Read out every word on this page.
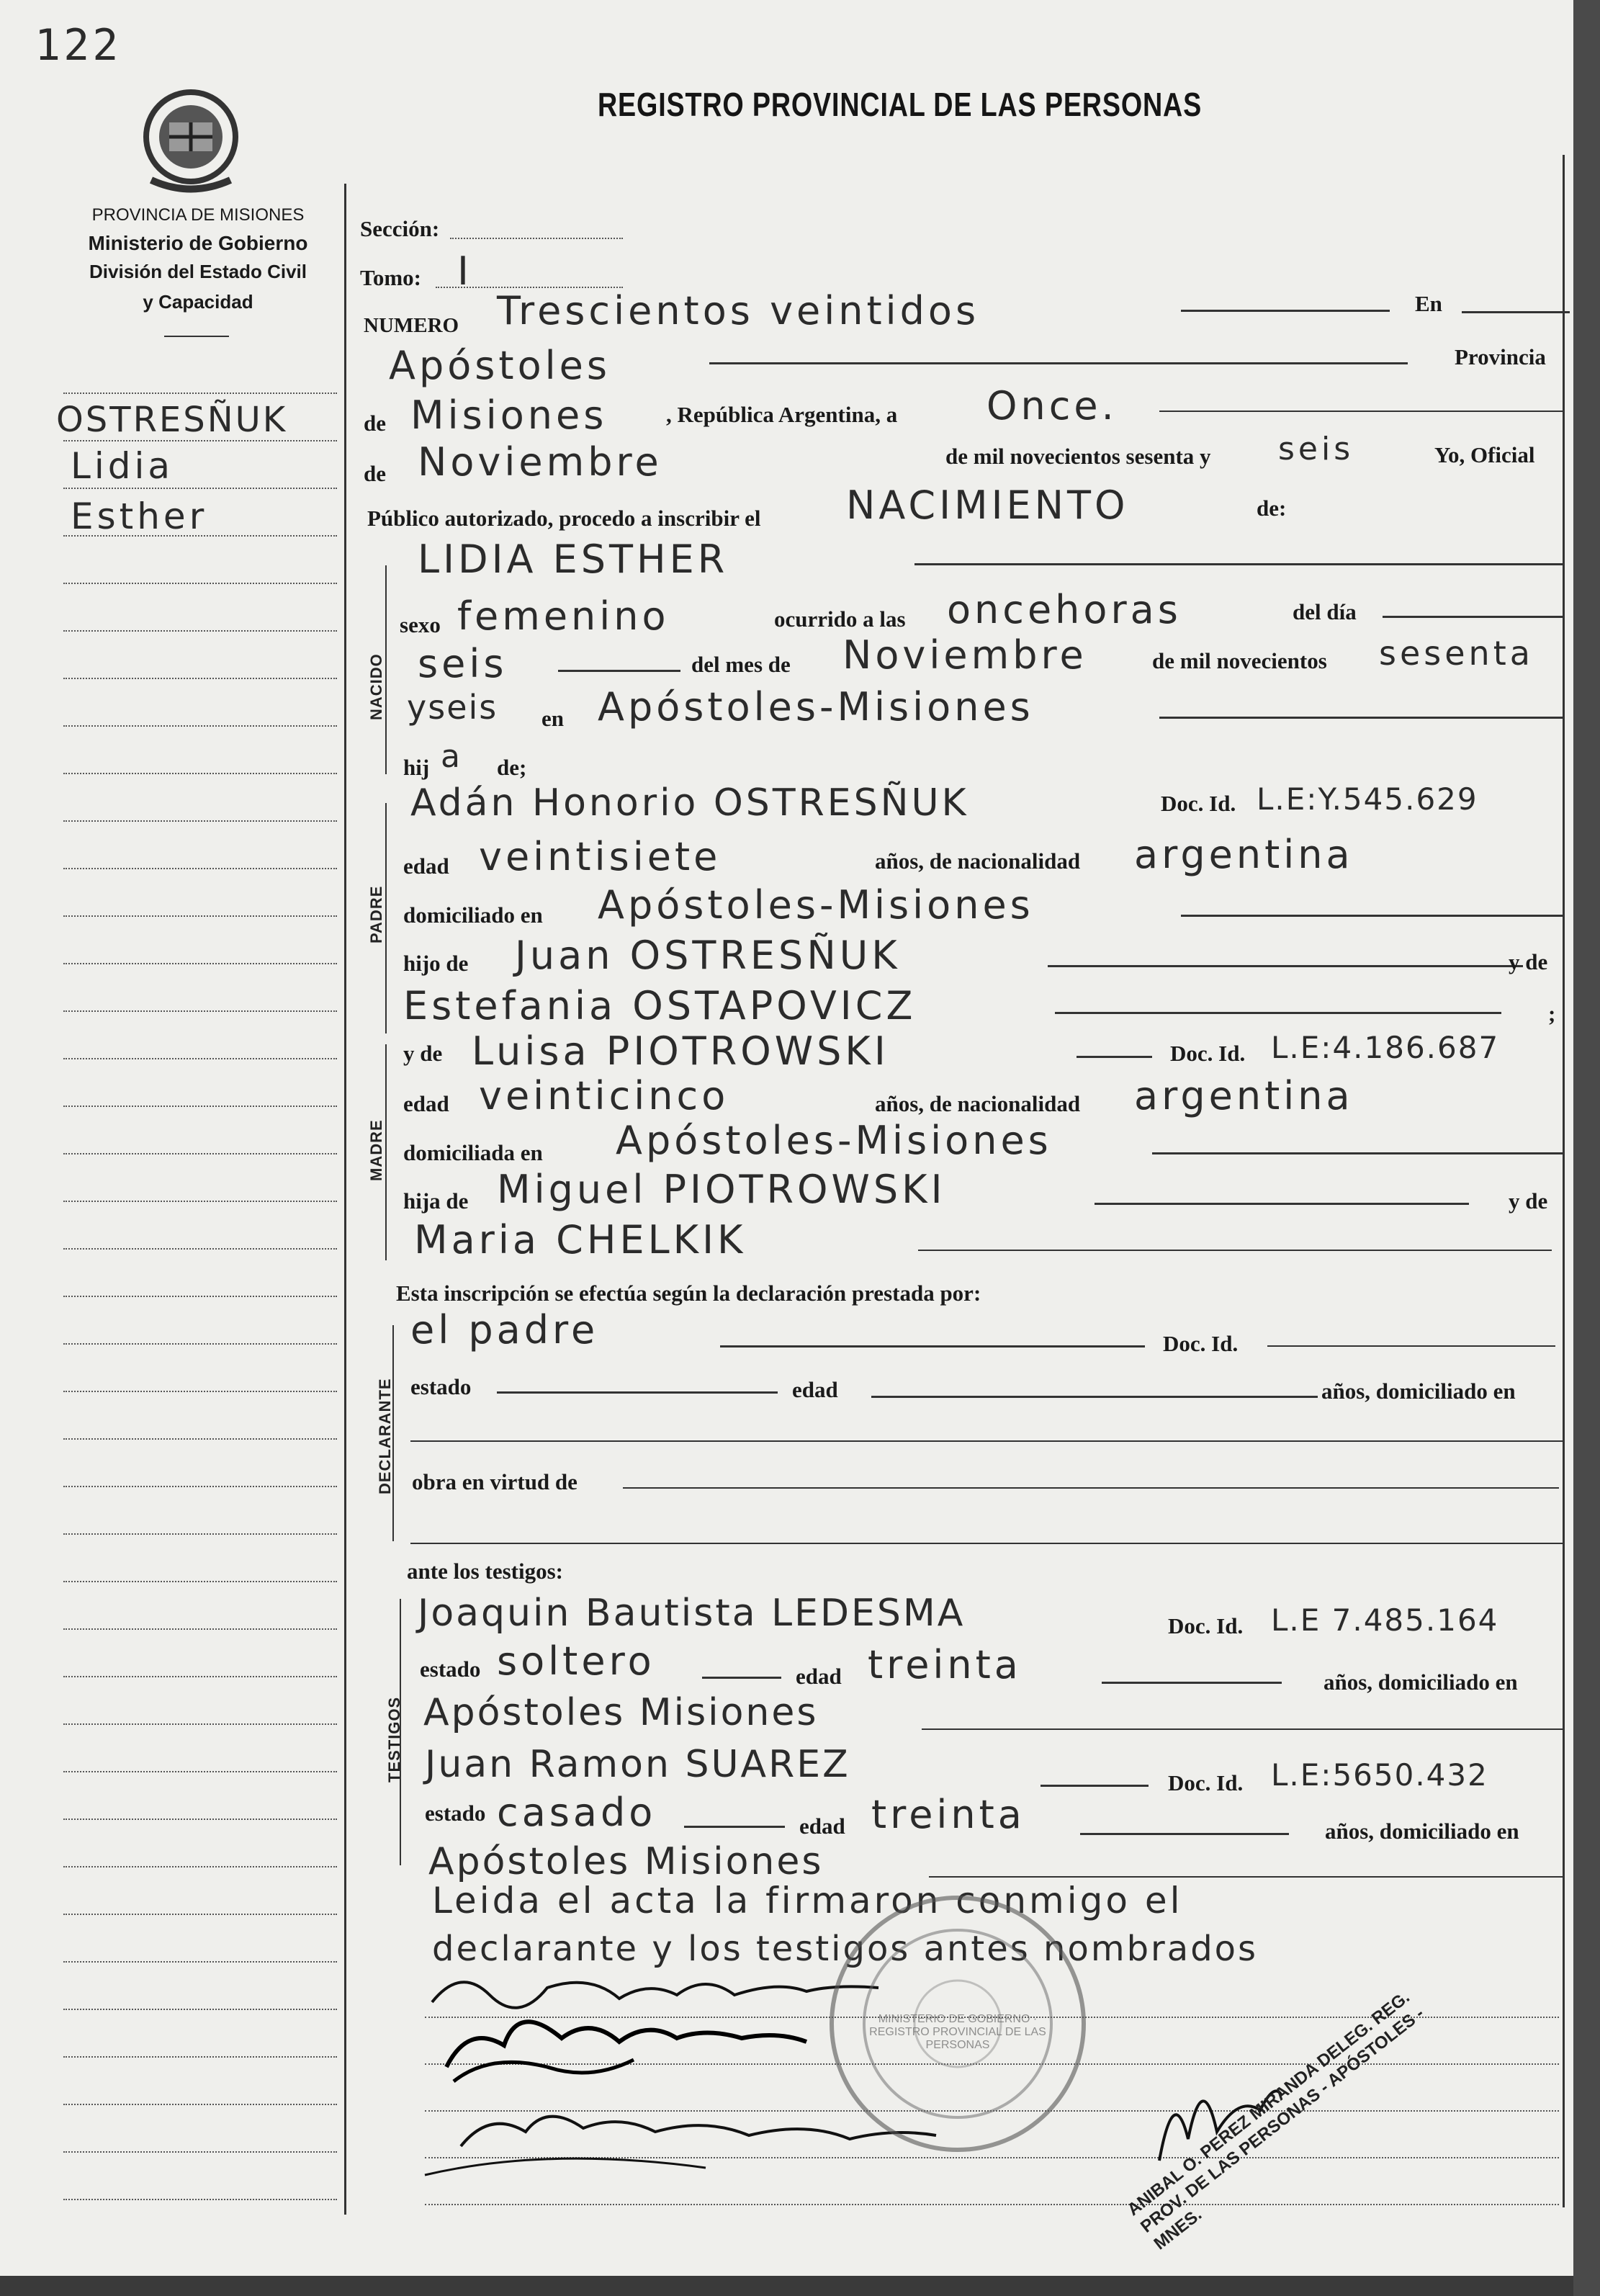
122
REGISTRO PROVINCIAL DE LAS PERSONAS
PROVINCIA DE MISIONES
Ministerio de Gobierno
División del Estado Civil
y Capacidad
NACIDO
PADRE
MADRE
DECLARANTE
TESTIGOS
OSTRESÑUK
Lidia
Esther
Sección:
Tomo: I
NUMERO Trescientos veintidos	En
Apóstoles	Provincia
de Misiones	, República Argentina, a Once.
de Noviembre	de mil novecientos sesenta y seis	Yo, Oficial
Público autorizado, procedo a inscribir el NACIMIENTO	de:
LIDIA ESTHER
sexo femenino	ocurrido a las oncehoras	del día
seis	del mes de Noviembre	de mil novecientos sesenta
yseis en Apóstoles-Misiones
hij a de;
Adán Honorio OSTRESÑUK	Doc. Id. L.E:Y.545.629
edad veintisiete	años, de nacionalidad argentina
domiciliado en Apóstoles-Misiones
hijo de Juan OSTRESÑUK	y de
Estefania OSTAPOVICZ	;
y de Luisa PIOTROWSKI	Doc. Id. L.E:4.186.687
edad veinticinco	años, de nacionalidad argentina
domiciliada en Apóstoles-Misiones
hija de Miguel PIOTROWSKI	y de
Maria CHELKIK
Esta inscripción se efectúa según la declaración prestada por:
el padre	Doc. Id.
estado	edad	años, domiciliado en
obra en virtud de
ante los testigos:
Joaquin Bautista LEDESMA	Doc. Id. L.E 7.485.164
estado soltero	edad treinta	años, domiciliado en
Apóstoles Misiones
Juan Ramon SUAREZ	Doc. Id. L.E:5650.432
estado casado	edad treinta	años, domiciliado en
Apóstoles Misiones
Leida el acta la firmaron conmigo el
declarante y los testigos antes nombrados
MINISTERIO DE GOBIERNO · REGISTRO PROVINCIAL DE LAS PERSONAS	ANIBAL O. PEREZ MIRANDA DELEG. REG. PROV. DE LAS PERSONAS - APÓSTOLES - MNES.
